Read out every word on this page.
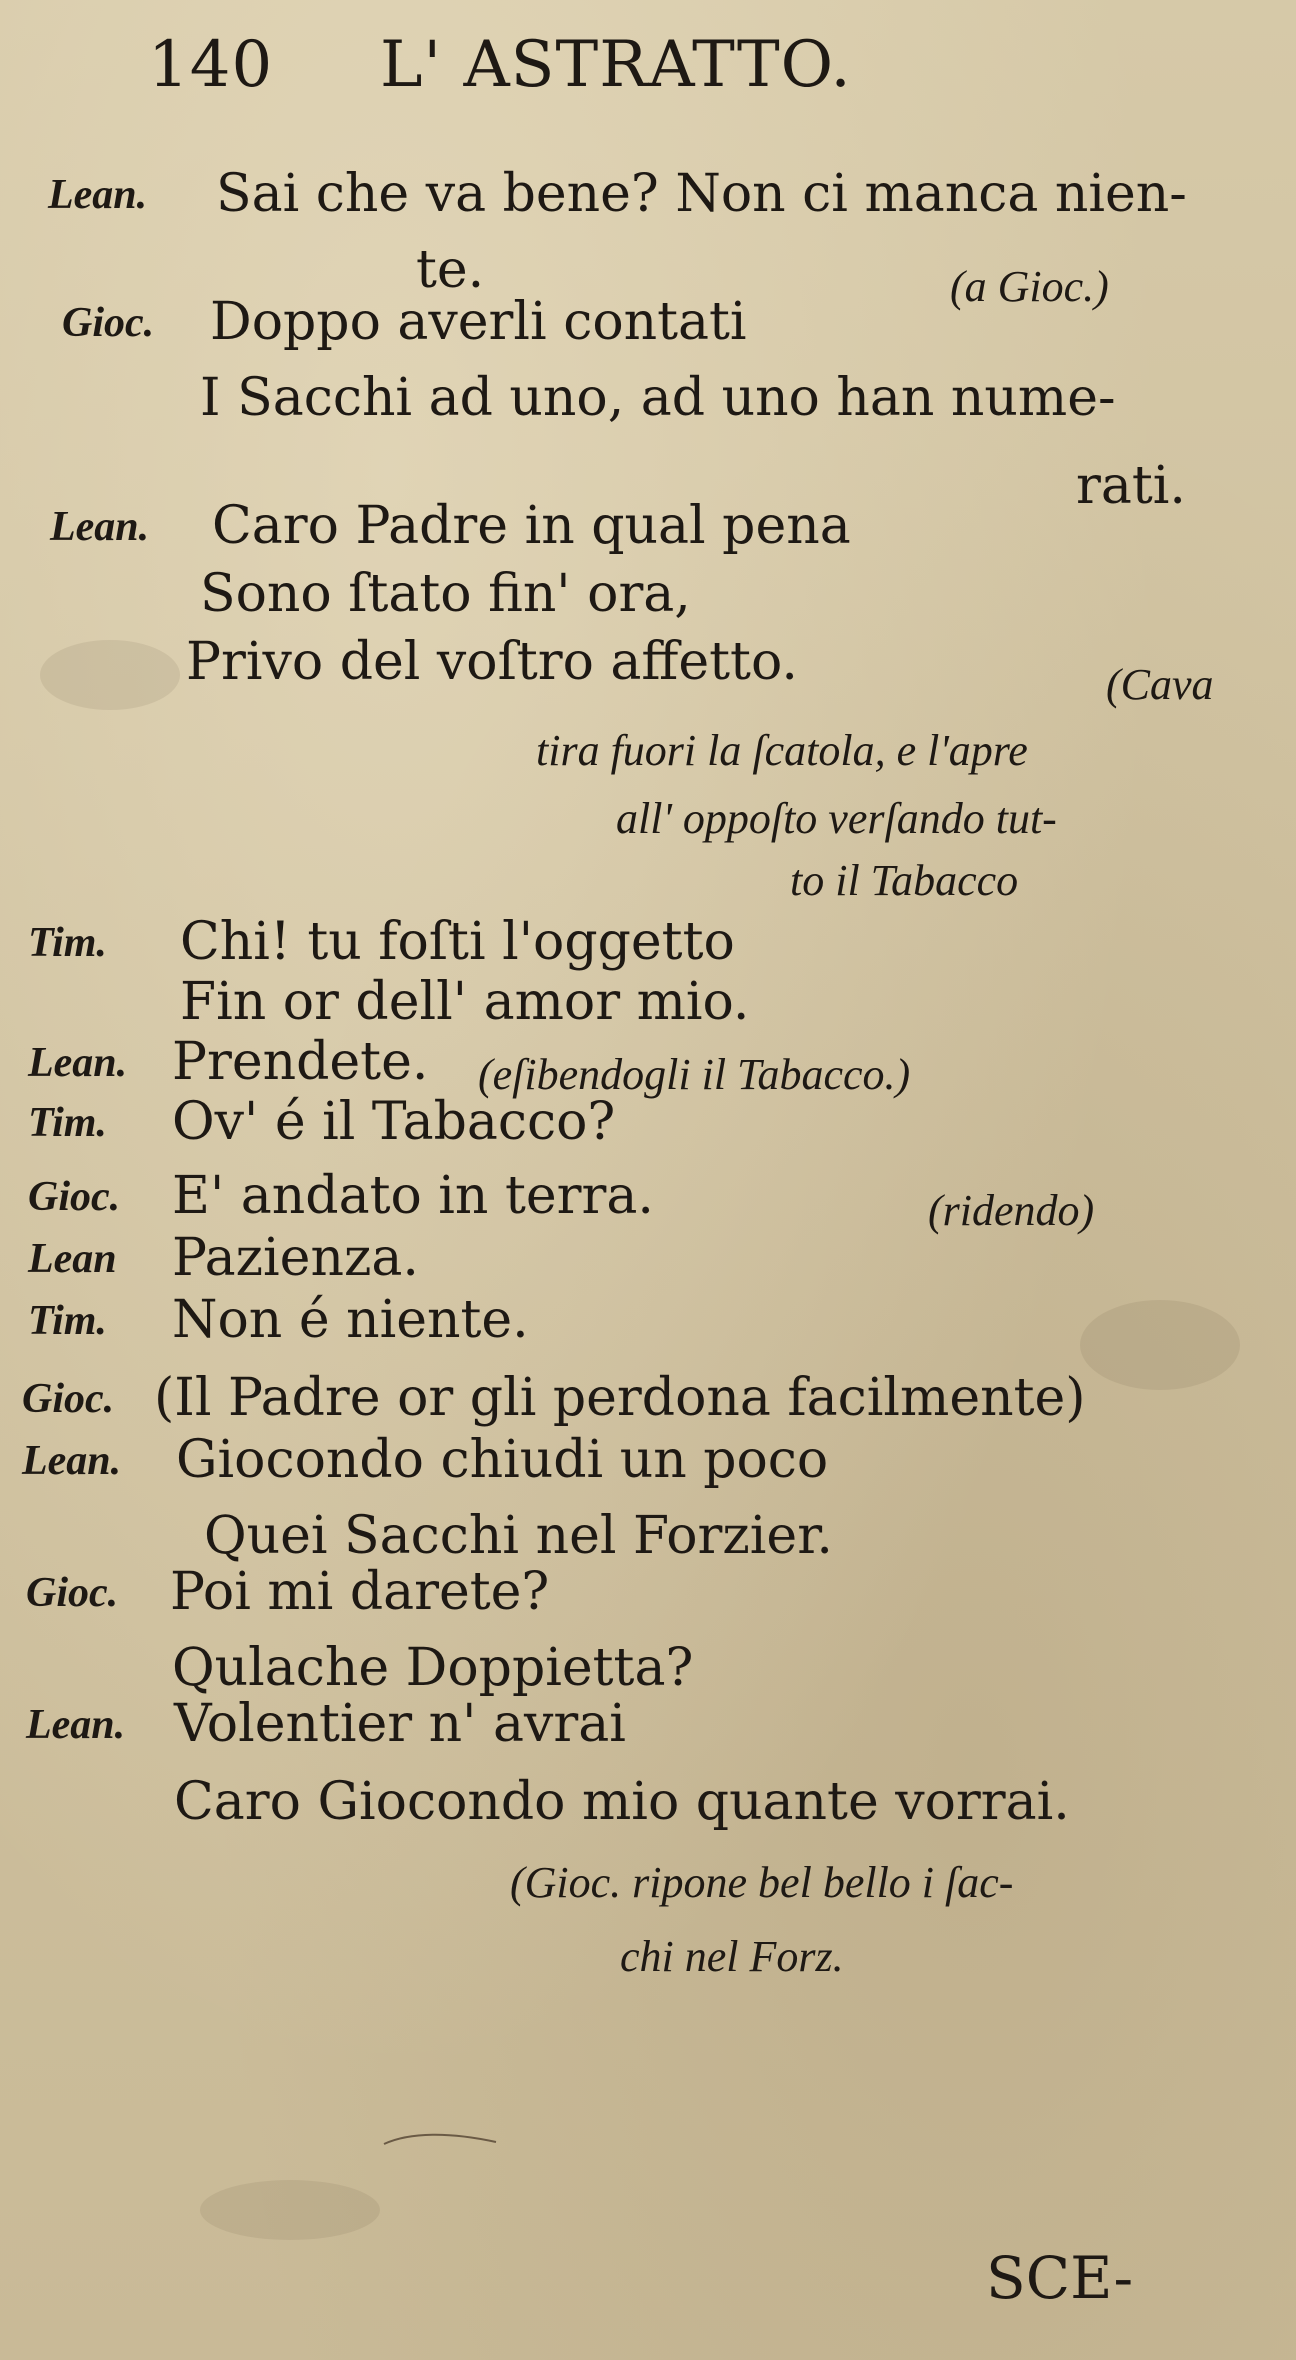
140 L' ASTRATTO.
Lean. Sai che va bene? Non ci manca nien-
te.	(a Gioc.)
Gioc. Doppo averli contati
I Sacchi ad uno, ad uno han nume-
rati.
Lean. Caro Padre in qual pena
Sono ſtato fin' ora,
Privo del voſtro affetto.	(Cava
tira fuori la ſcatola, e l'apre
all' oppoſto verſando tut-
to il Tabacco
Tim. Chi! tu foſti l'oggetto
Fin or dell' amor mio.
Lean. Prendete. (eſibendogli il Tabacco.)
Tim. Ov' é il Tabacco?
Gioc. E' andato in terra.	(ridendo)
Lean Pazienza.
Tim. Non é niente.
Gioc. (Il Padre or gli perdona facilmente)
Lean. Giocondo chiudi un poco
Quei Sacchi nel Forzier.
Gioc. Poi mi darete?
Qulache Doppietta?
Lean. Volentier n' avrai
Caro Giocondo mio quante vorrai.
(Gioc. ripone bel bello i ſac-
chi nel Forz.
SCE-
